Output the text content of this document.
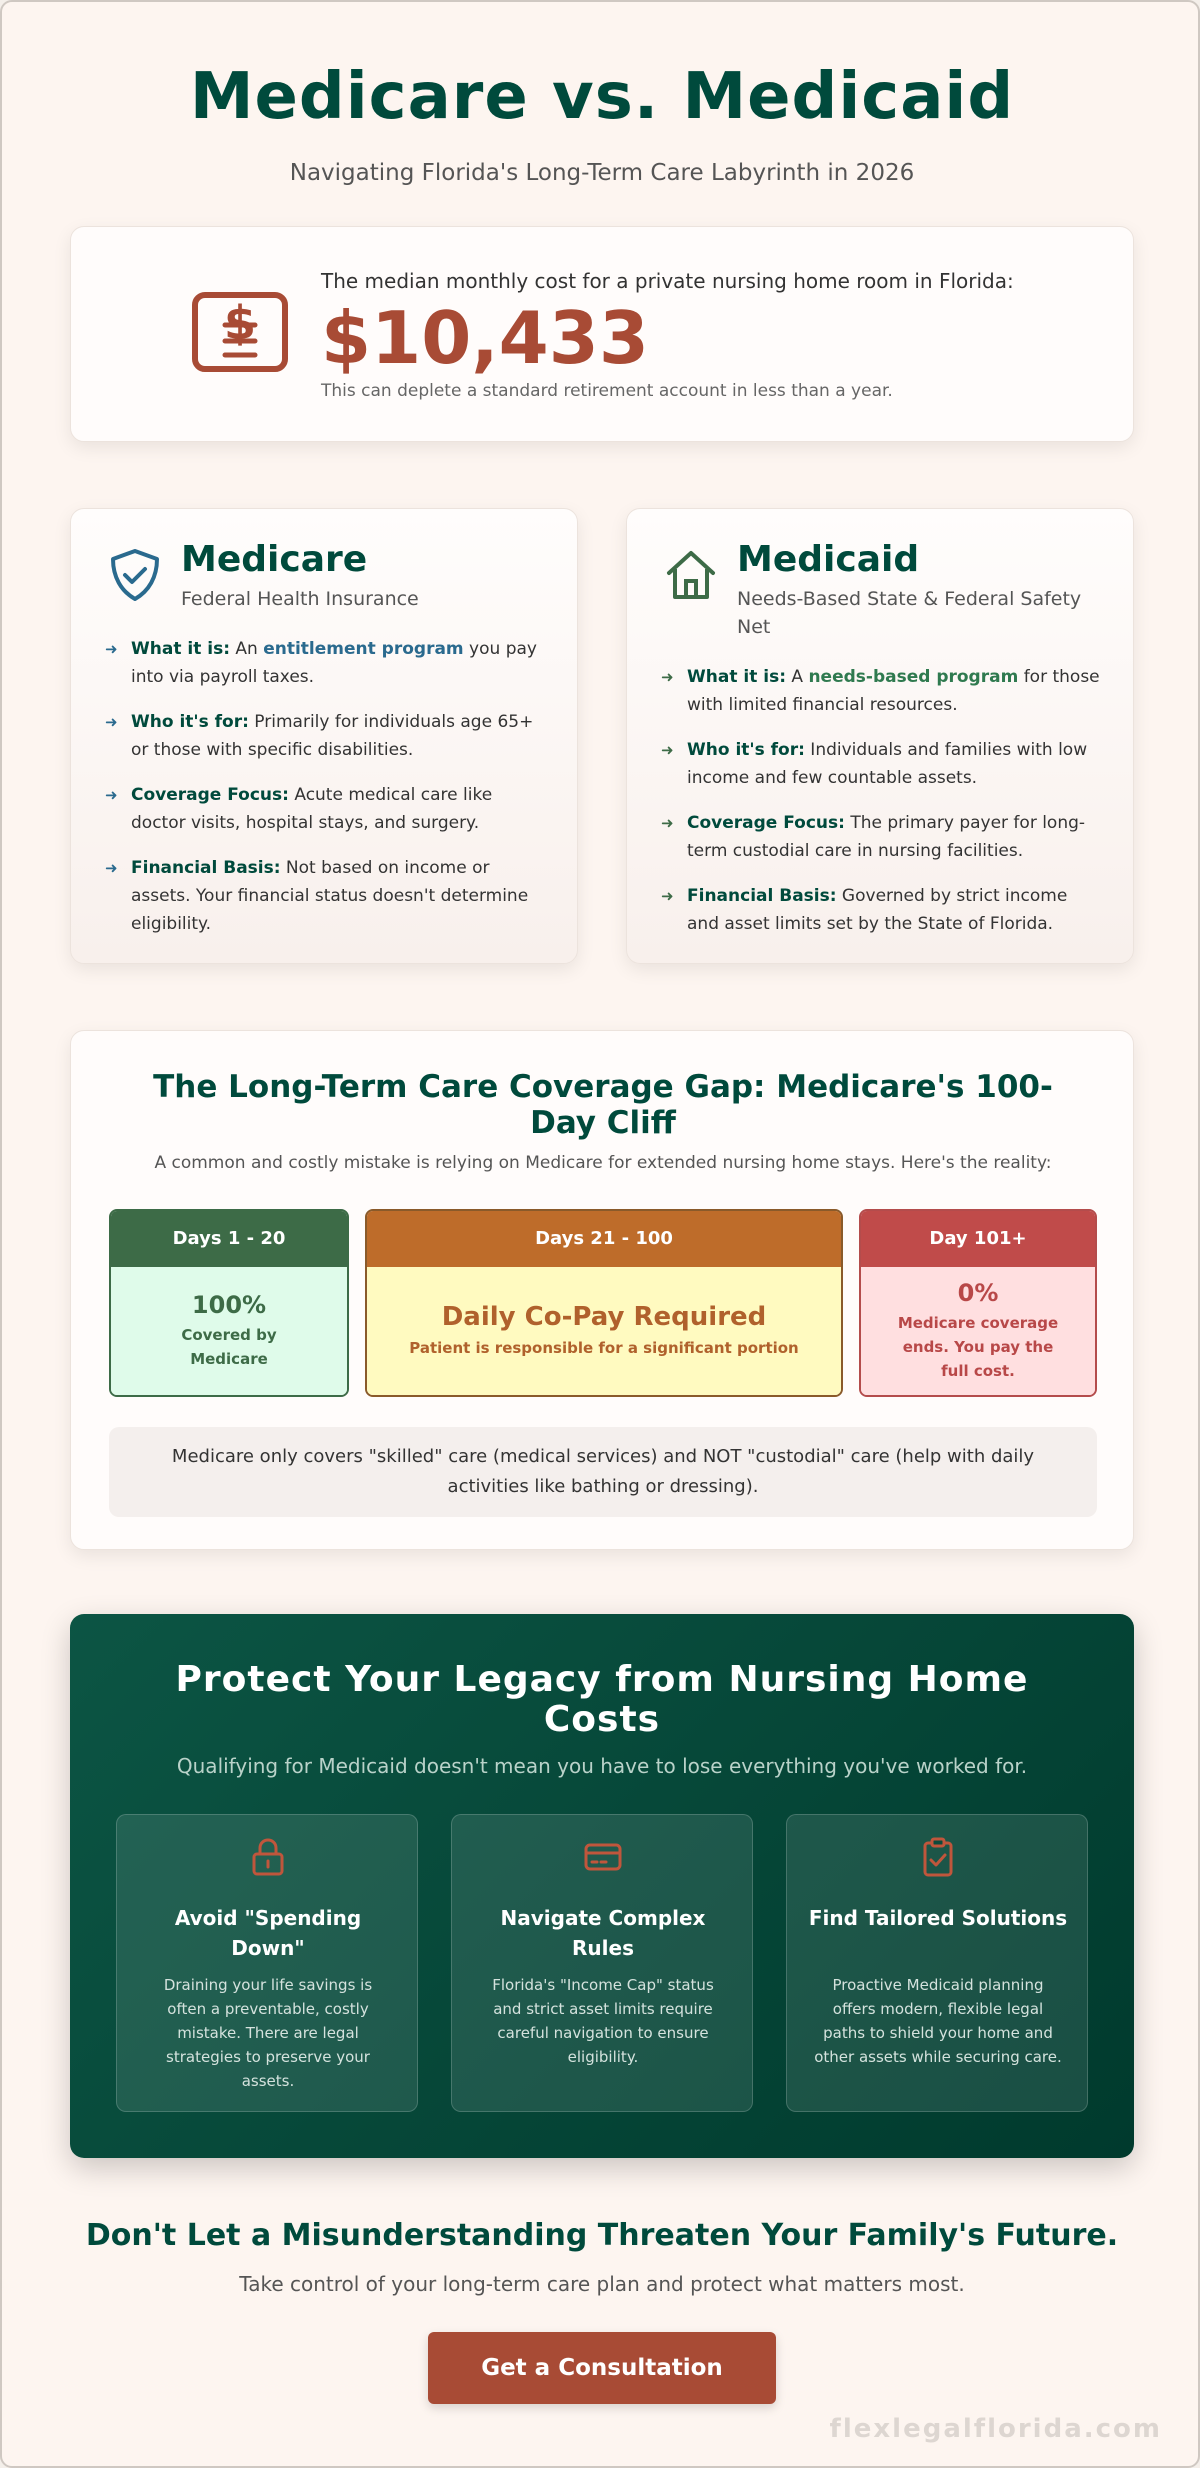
Medicare vs. Medicaid
Navigating Florida's Long-Term Care Labyrinth in 2026
$
The median monthly cost for a private nursing home room in Florida:
$10,433
This can deplete a standard retirement account in less than a year.
Medicare
Federal Health Insurance
➜ What it is: An entitlement program you pay into via payroll taxes.
➜ Who it's for: Primarily for individuals age 65+ or those with specific disabilities.
➜ Coverage Focus: Acute medical care like doctor visits, hospital stays, and surgery.
➜ Financial Basis: Not based on income or assets. Your financial status doesn't determine eligibility.
Medicaid
Needs-Based State & Federal Safety Net
➜ What it is: A needs-based program for those with limited financial resources.
➜ Who it's for: Individuals and families with low income and few countable assets.
➜ Coverage Focus: The primary payer for long-term custodial care in nursing facilities.
➜ Financial Basis: Governed by strict income and asset limits set by the State of Florida.
The Long-Term Care Coverage Gap: Medicare's 100-Day Cliff
A common and costly mistake is relying on Medicare for extended nursing home stays. Here's the reality:
Days 1 - 20
100%
Covered by Medicare
Days 21 - 100
Daily Co-Pay Required
Patient is responsible for a significant portion
Day 101+
0%
Medicare coverage ends. You pay the full cost.
Medicare only covers "skilled" care (medical services) and NOT "custodial" care (help with daily activities like bathing or dressing).
Protect Your Legacy from Nursing Home Costs
Qualifying for Medicaid doesn't mean you have to lose everything you've worked for.
Avoid "Spending Down"
Draining your life savings is often a preventable, costly mistake. There are legal strategies to preserve your assets.
Navigate Complex Rules
Florida's "Income Cap" status and strict asset limits require careful navigation to ensure eligibility.
Find Tailored Solutions
Proactive Medicaid planning offers modern, flexible legal paths to shield your home and other assets while securing care.
Don't Let a Misunderstanding Threaten Your Family's Future.
Take control of your long-term care plan and protect what matters most.
Get a Consultation
flexlegalflorida.com
